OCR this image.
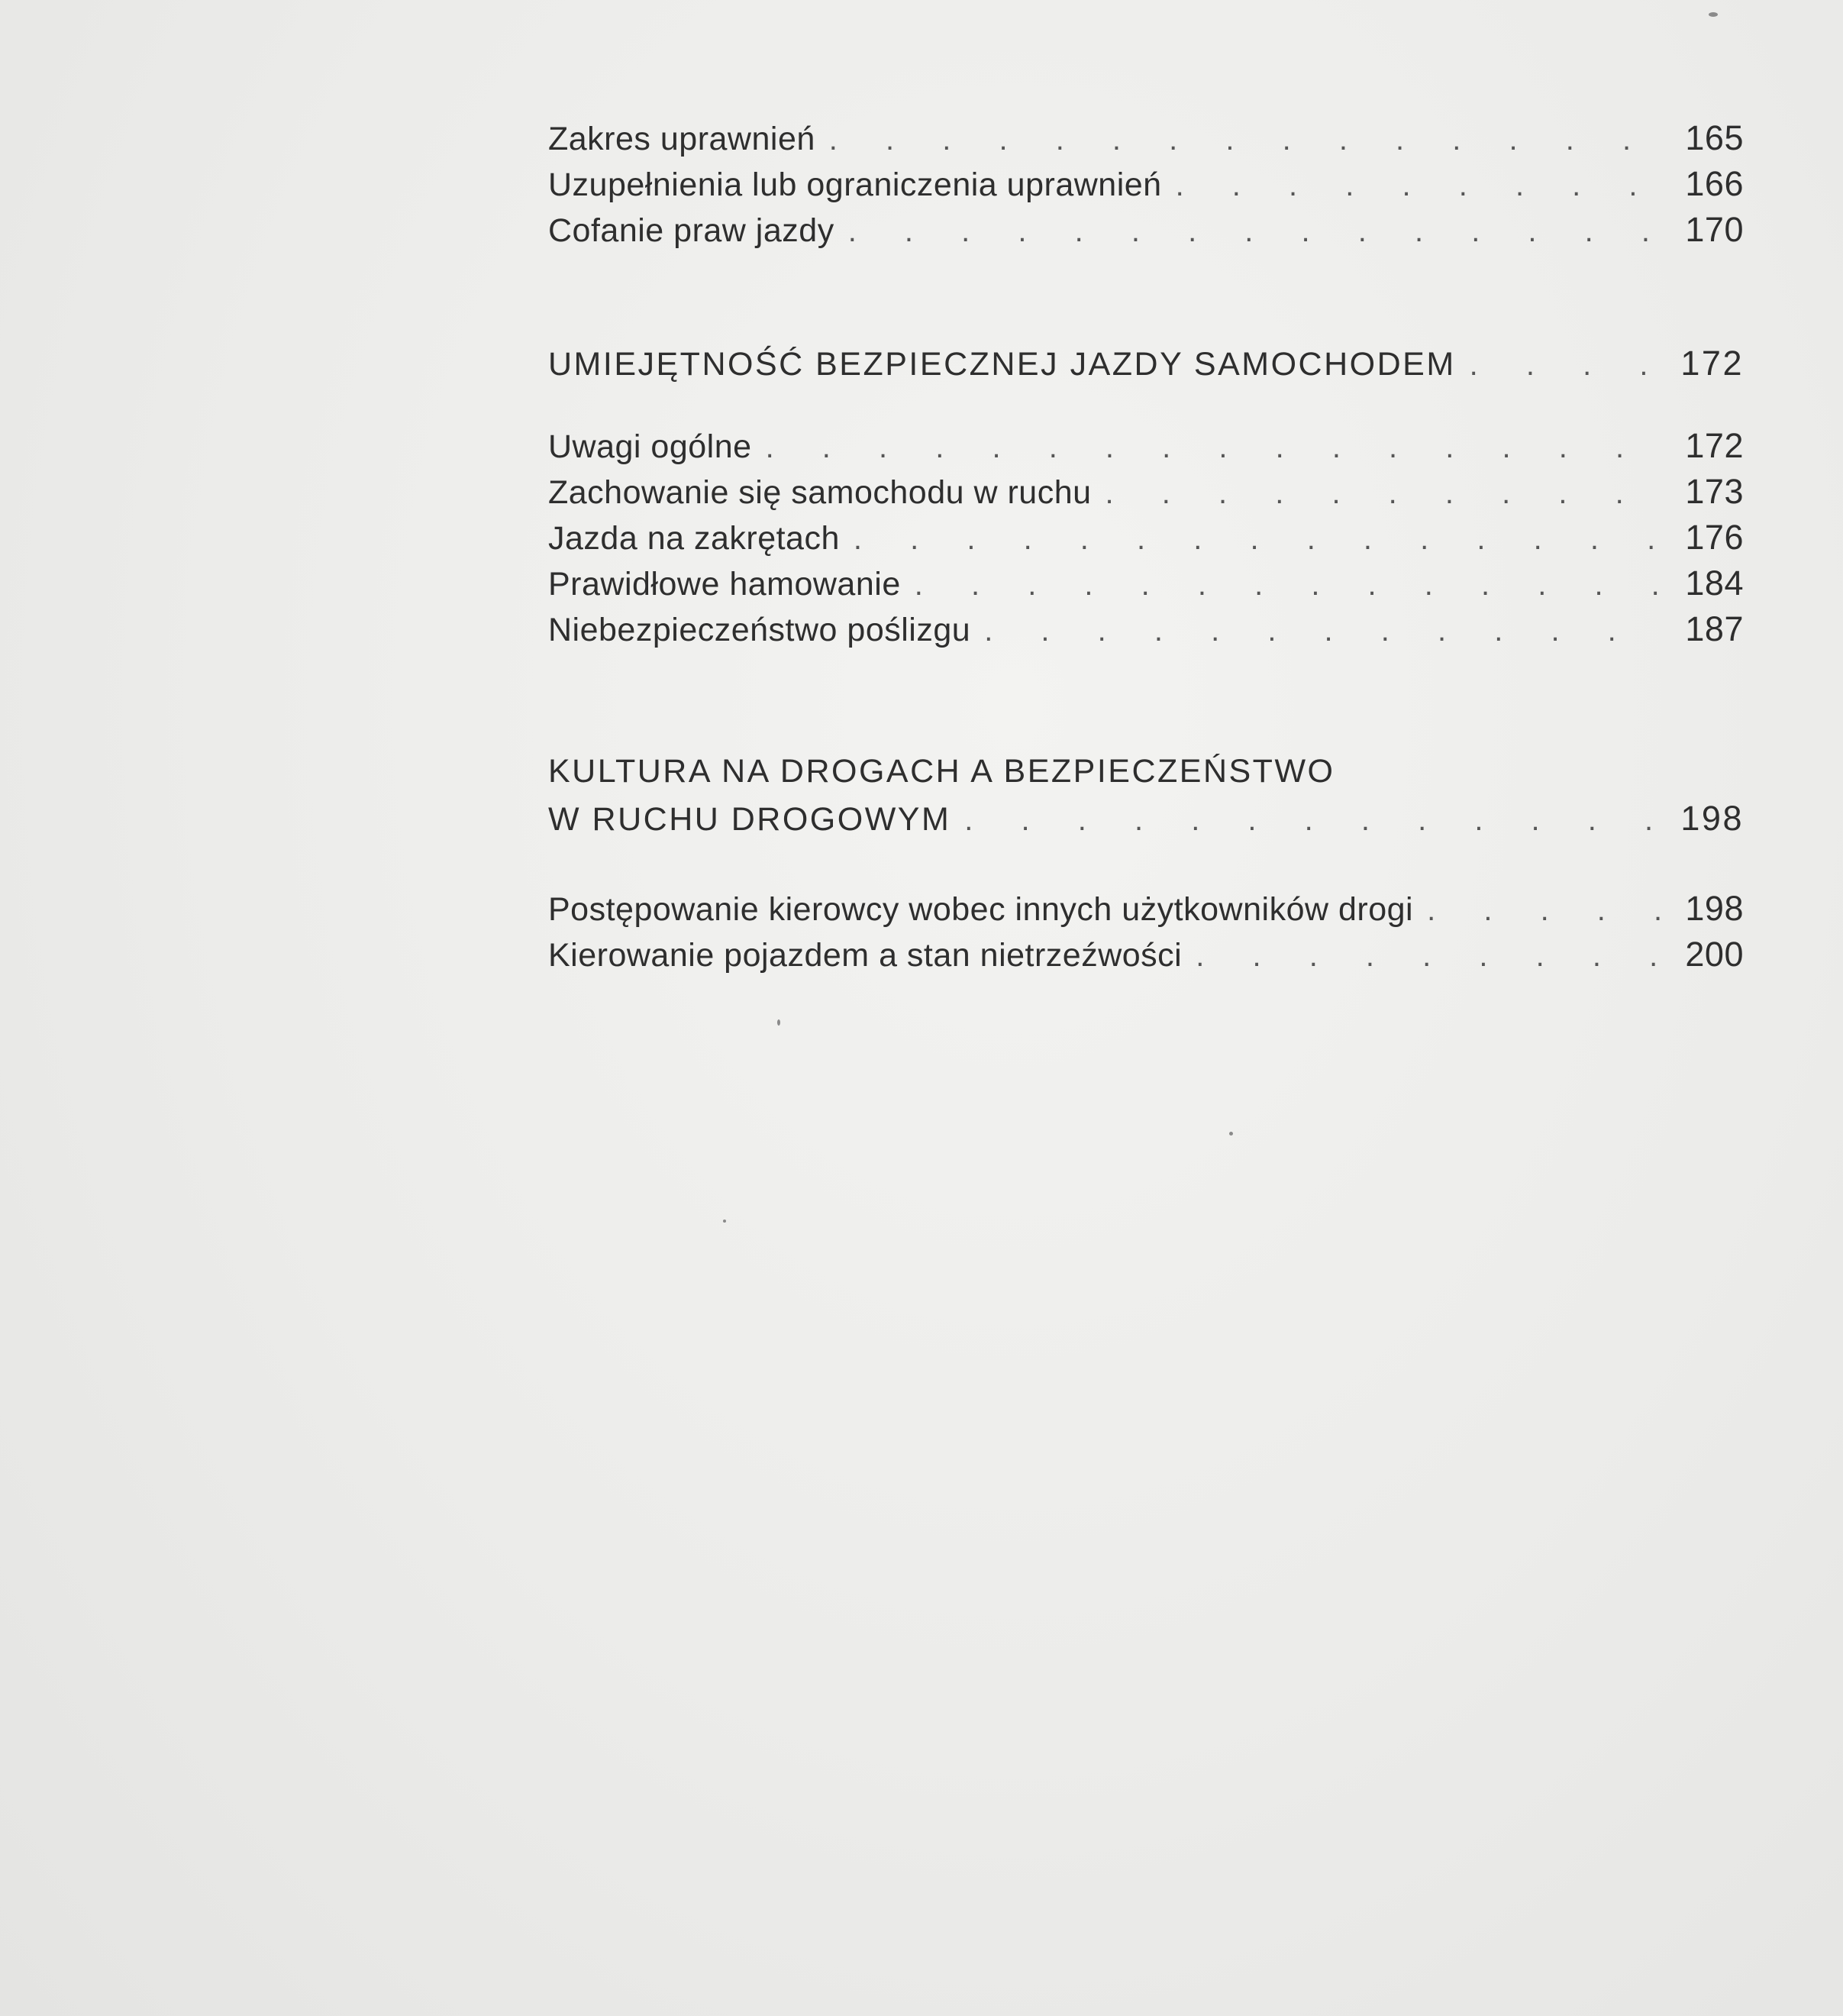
Zakres uprawnień . . .	165
Uzupełnienia lub ograniczenia uprawnień . . .	166
Cofanie praw jazdy . . .	170
UMIEJĘTNOŚĆ BEZPIECZNEJ JAZDY SAMOCHODEM . . .	172
Uwagi ogólne . . .	172
Zachowanie się samochodu w ruchu . . .	173
Jazda na zakrętach . . .	176
Prawidłowe hamowanie . . .	184
Niebezpieczeństwo poślizgu . . .	187
KULTURA NA DROGACH A BEZPIECZEŃSTWO
W RUCHU DROGOWYM . . .	198
Postępowanie kierowcy wobec innych użytkowników drogi . . .	198
Kierowanie pojazdem a stan nietrzeźwości . . .	200
